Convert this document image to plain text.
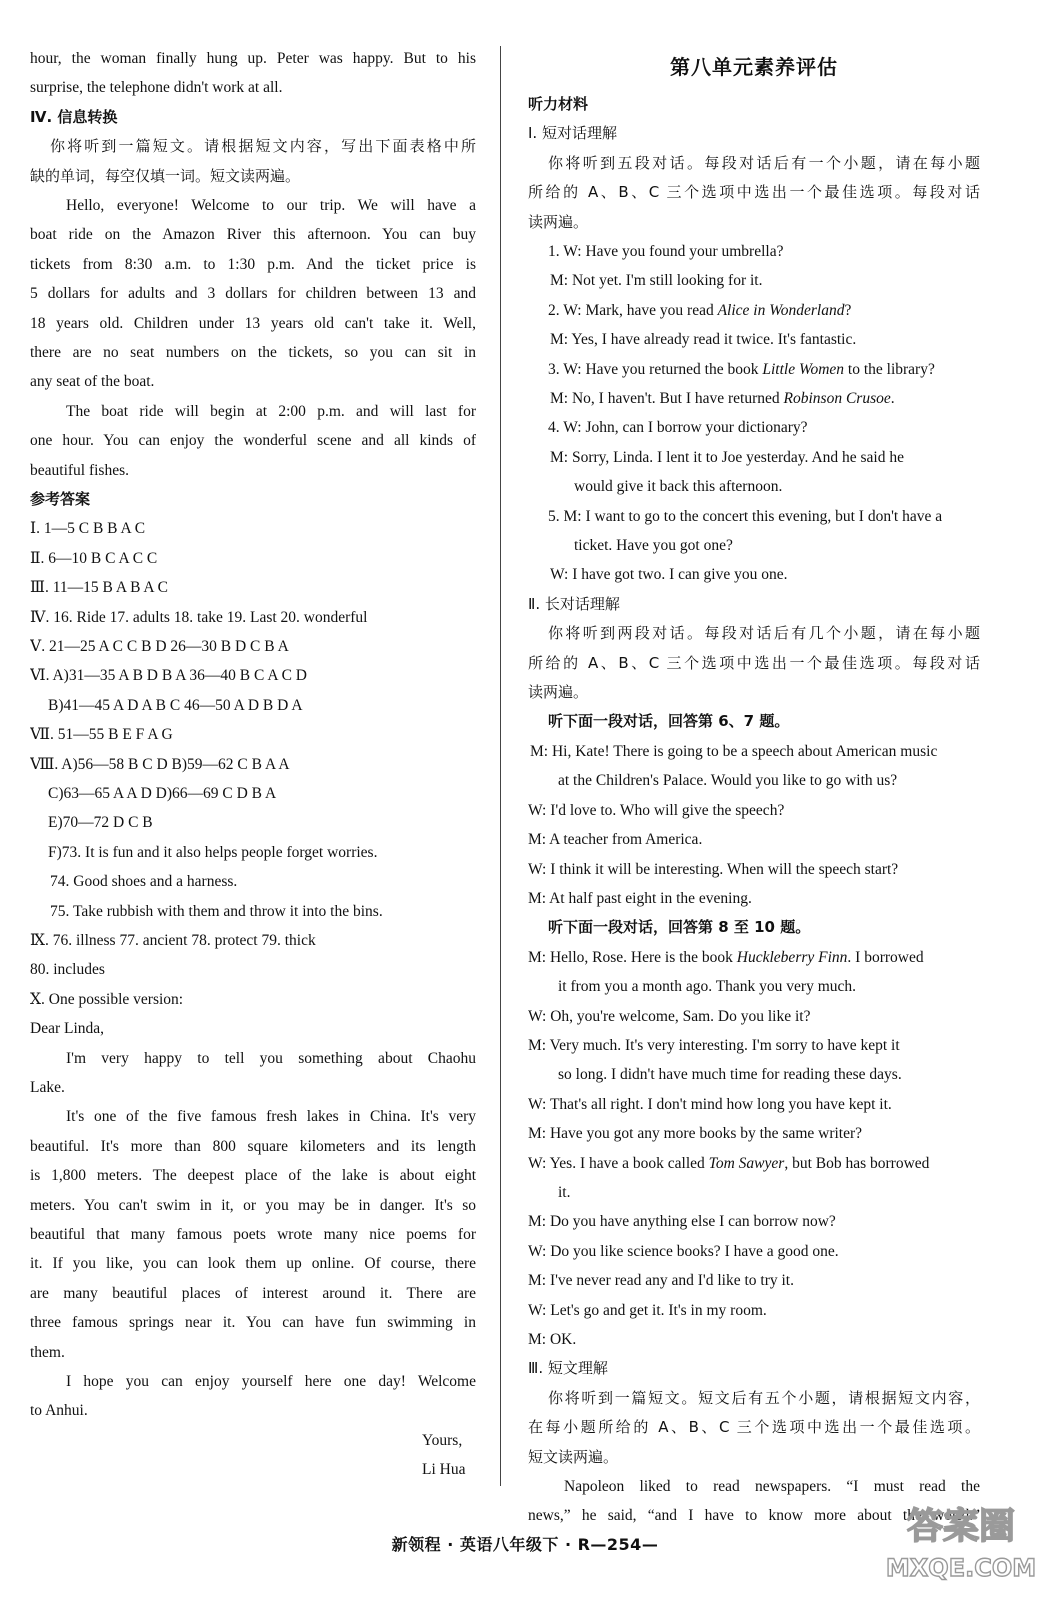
hour, the woman finally hung up. Peter was happy. But to his
surprise, the telephone didn't work at all.
Ⅳ. 信息转换
你将听到一篇短文。请根据短文内容，写出下面表格中所
缺的单词，每空仅填一词。短文读两遍。
Hello, everyone! Welcome to our trip. We will have a
boat ride on the Amazon River this afternoon. You can buy
tickets from 8:30 a.m. to 1:30 p.m. And the ticket price is
5 dollars for adults and 3 dollars for children between 13 and
18 years old. Children under 13 years old can't take it. Well,
there are no seat numbers on the tickets, so you can sit in
any seat of the boat.
The boat ride will begin at 2:00 p.m. and will last for
one hour. You can enjoy the wonderful scene and all kinds of
beautiful fishes.
参考答案
Ⅰ. 1—5 C B B A C
Ⅱ. 6—10 B C A C C
Ⅲ. 11—15 B A B A C
Ⅳ. 16. Ride 17. adults 18. take 19. Last 20. wonderful
Ⅴ. 21—25 A C C B D 26—30 B D C B A
Ⅵ. A)31—35 A B D B A 36—40 B C A C D
B)41—45 A D A B C 46—50 A D B D A
Ⅶ. 51—55 B E F A G
Ⅷ. A)56—58 B C D B)59—62 C B A A
C)63—65 A A D D)66—69 C D B A
E)70—72 D C B
F)73. It is fun and it also helps people forget worries.
74. Good shoes and a harness.
75. Take rubbish with them and throw it into the bins.
Ⅸ. 76. illness 77. ancient 78. protect 79. thick
80. includes
Ⅹ. One possible version:
Dear Linda,
I'm very happy to tell you something about Chaohu
Lake.
It's one of the five famous fresh lakes in China. It's very
beautiful. It's more than 800 square kilometers and its length
is 1,800 meters. The deepest place of the lake is about eight
meters. You can't swim in it, or you may be in danger. It's so
beautiful that many famous poets wrote many nice poems for
it. If you like, you can look them up online. Of course, there
are many beautiful places of interest around it. There are
three famous springs near it. You can have fun swimming in
them.
I hope you can enjoy yourself here one day! Welcome
to Anhui.
Yours,
Li Hua
第八单元素养评估
听力材料
Ⅰ. 短对话理解
你将听到五段对话。每段对话后有一个小题，请在每小题
所给的 A、B、C 三个选项中选出一个最佳选项。每段对话
读两遍。
1. W: Have you found your umbrella?
M: Not yet. I'm still looking for it.
2. W: Mark, have you read Alice in Wonderland?
M: Yes, I have already read it twice. It's fantastic.
3. W: Have you returned the book Little Women to the library?
M: No, I haven't. But I have returned Robinson Crusoe.
4. W: John, can I borrow your dictionary?
M: Sorry, Linda. I lent it to Joe yesterday. And he said he
would give it back this afternoon.
5. M: I want to go to the concert this evening, but I don't have a
ticket. Have you got one?
W: I have got two. I can give you one.
Ⅱ. 长对话理解
你将听到两段对话。每段对话后有几个小题，请在每小题
所给的 A、B、C 三个选项中选出一个最佳选项。每段对话
读两遍。
听下面一段对话，回答第 6、7 题。
M: Hi, Kate! There is going to be a speech about American music
at the Children's Palace. Would you like to go with us?
W: I'd love to. Who will give the speech?
M: A teacher from America.
W: I think it will be interesting. When will the speech start?
M: At half past eight in the evening.
听下面一段对话，回答第 8 至 10 题。
M: Hello, Rose. Here is the book Huckleberry Finn. I borrowed
it from you a month ago. Thank you very much.
W: Oh, you're welcome, Sam. Do you like it?
M: Very much. It's very interesting. I'm sorry to have kept it
so long. I didn't have much time for reading these days.
W: That's all right. I don't mind how long you have kept it.
M: Have you got any more books by the same writer?
W: Yes. I have a book called Tom Sawyer, but Bob has borrowed
it.
M: Do you have anything else I can borrow now?
W: Do you like science books? I have a good one.
M: I've never read any and I'd like to try it.
W: Let's go and get it. It's in my room.
M: OK.
Ⅲ. 短文理解
你将听到一篇短文。短文后有五个小题，请根据短文内容，
在每小题所给的 A、B、C 三个选项中选出一个最佳选项。
短文读两遍。
Napoleon liked to read newspapers. “I must read the
news,” he said, “and I have to know more about the world.”
新领程 · 英语八年级下 · R—254—	答案圈
MXQE.COM
